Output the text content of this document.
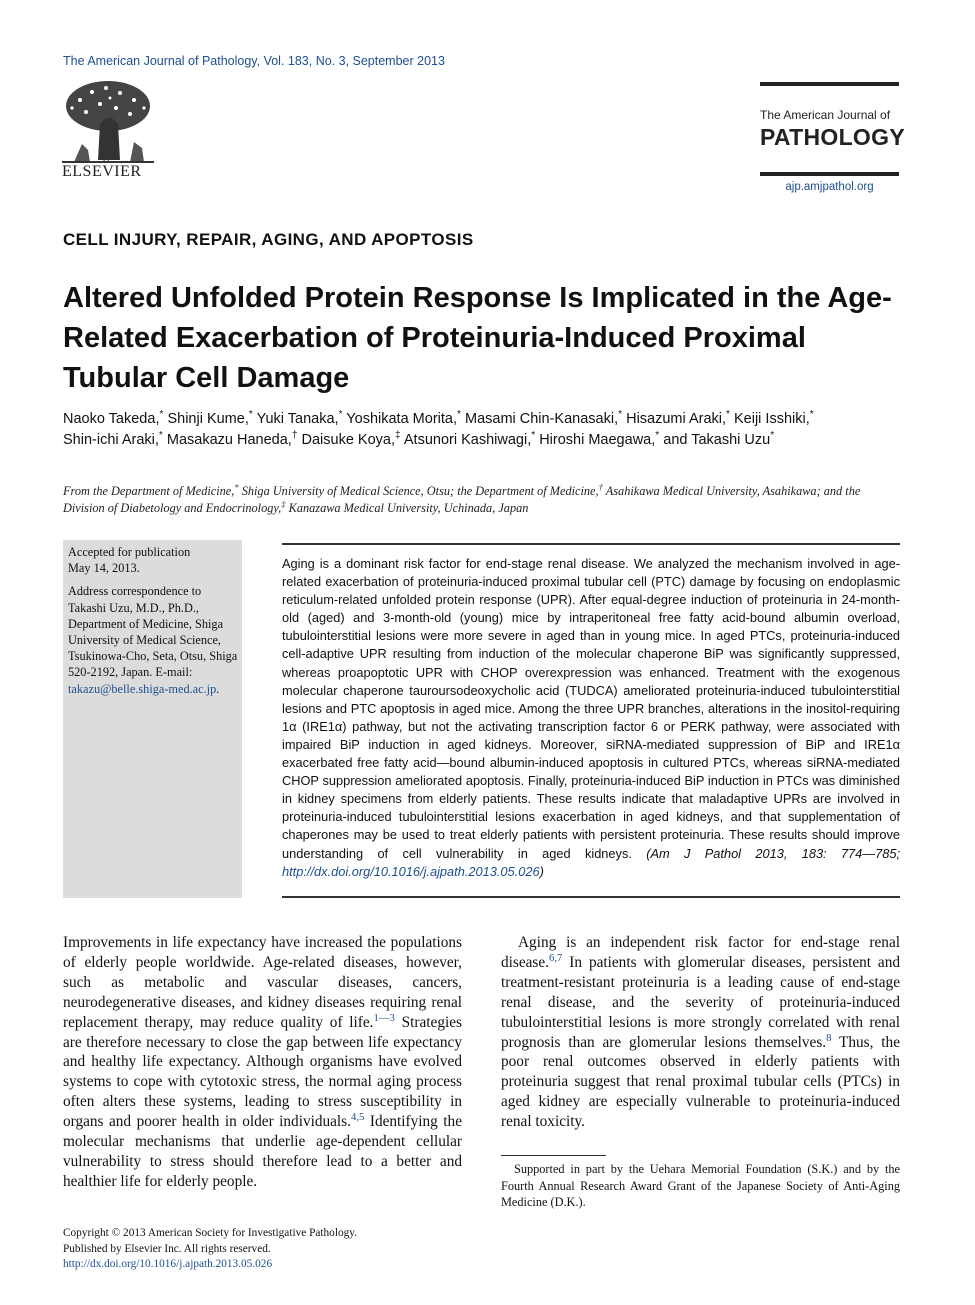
The American Journal of Pathology, Vol. 183, No. 3, September 2013
ELSEVIER
The American Journal of
PATHOLOGY
ajp.amjpathol.org
CELL INJURY, REPAIR, AGING, AND APOPTOSIS
Altered Unfolded Protein Response Is Implicated in the Age-Related Exacerbation of Proteinuria-Induced Proximal Tubular Cell Damage
Naoko Takeda,* Shinji Kume,* Yuki Tanaka,* Yoshikata Morita,* Masami Chin-Kanasaki,* Hisazumi Araki,* Keiji Isshiki,*
Shin-ichi Araki,* Masakazu Haneda,† Daisuke Koya,‡ Atsunori Kashiwagi,* Hiroshi Maegawa,* and Takashi Uzu*
From the Department of Medicine,* Shiga University of Medical Science, Otsu; the Department of Medicine,† Asahikawa Medical University, Asahikawa; and the Division of Diabetology and Endocrinology,‡ Kanazawa Medical University, Uchinada, Japan

Accepted for publication
May 14, 2013.

Address correspondence to Takashi Uzu, M.D., Ph.D., Department of Medicine, Shiga University of Medical Science, Tsukinowa-Cho, Seta, Otsu, Shiga 520-2192, Japan. E-mail: takazu@belle.shiga-med.ac.jp.

Aging is a dominant risk factor for end-stage renal disease. We analyzed the mechanism involved in age-related exacerbation of proteinuria-induced proximal tubular cell (PTC) damage by focusing on endoplasmic reticulum-related unfolded protein response (UPR). After equal-degree induction of proteinuria in 24-month-old (aged) and 3-month-old (young) mice by intraperitoneal free fatty acid-bound albumin overload, tubulointerstitial lesions were more severe in aged than in young mice. In aged PTCs, proteinuria-induced cell-adaptive UPR resulting from induction of the molecular chaperone BiP was significantly suppressed, whereas proapoptotic UPR with CHOP overexpression was enhanced. Treatment with the exogenous molecular chaperone tauroursodeoxycholic acid (TUDCA) ameliorated proteinuria-induced tubulointerstitial lesions and PTC apoptosis in aged mice. Among the three UPR branches, alterations in the inositol-requiring 1α (IRE1α) pathway, but not the activating transcription factor 6 or PERK pathway, were associated with impaired BiP induction in aged kidneys. Moreover, siRNA-mediated suppression of BiP and IRE1α exacerbated free fatty acid—bound albumin-induced apoptosis in cultured PTCs, whereas siRNA-mediated CHOP suppression ameliorated apoptosis. Finally, proteinuria-induced BiP induction in PTCs was diminished in kidney specimens from elderly patients. These results indicate that maladaptive UPRs are involved in proteinuria-induced tubulointerstitial lesions exacerbation in aged kidneys, and that supplementation of chaperones may be used to treat elderly patients with persistent proteinuria. These results should improve understanding of cell vulnerability in aged kidneys. (Am J Pathol 2013, 183: 774—785; http://dx.doi.org/10.1016/j.ajpath.2013.05.026)
Improvements in life expectancy have increased the populations of elderly people worldwide. Age-related diseases, however, such as metabolic and vascular diseases, cancers, neurodegenerative diseases, and kidney diseases requiring renal replacement therapy, may reduce quality of life.$^{1—3}$ Strategies are therefore necessary to close the gap between life expectancy and healthy life expectancy. Although organisms have evolved systems to cope with cytotoxic stress, the normal aging process often alters these systems, leading to stress susceptibility in organs and poorer health in older individuals.$^{4,5}$ Identifying the molecular mechanisms that underlie age-dependent cellular vulnerability to stress should therefore lead to a better and healthier life for elderly people.
Aging is an independent risk factor for end-stage renal disease.$^{6,7}$ In patients with glomerular diseases, persistent and treatment-resistant proteinuria is a leading cause of end-stage renal disease, and the severity of proteinuria-induced tubulointerstitial lesions is more strongly correlated with renal prognosis than are glomerular lesions themselves.$^8$ Thus, the poor renal outcomes observed in elderly patients with proteinuria suggest that renal proximal tubular cells (PTCs) in aged kidney are especially vulnerable to proteinuria-induced renal toxicity.
Supported in part by the Uehara Memorial Foundation (S.K.) and by the Fourth Annual Research Award Grant of the Japanese Society of Anti-Aging Medicine (D.K.).
Copyright © 2013 American Society for Investigative Pathology.
Published by Elsevier Inc. All rights reserved.
http://dx.doi.org/10.1016/j.ajpath.2013.05.026
